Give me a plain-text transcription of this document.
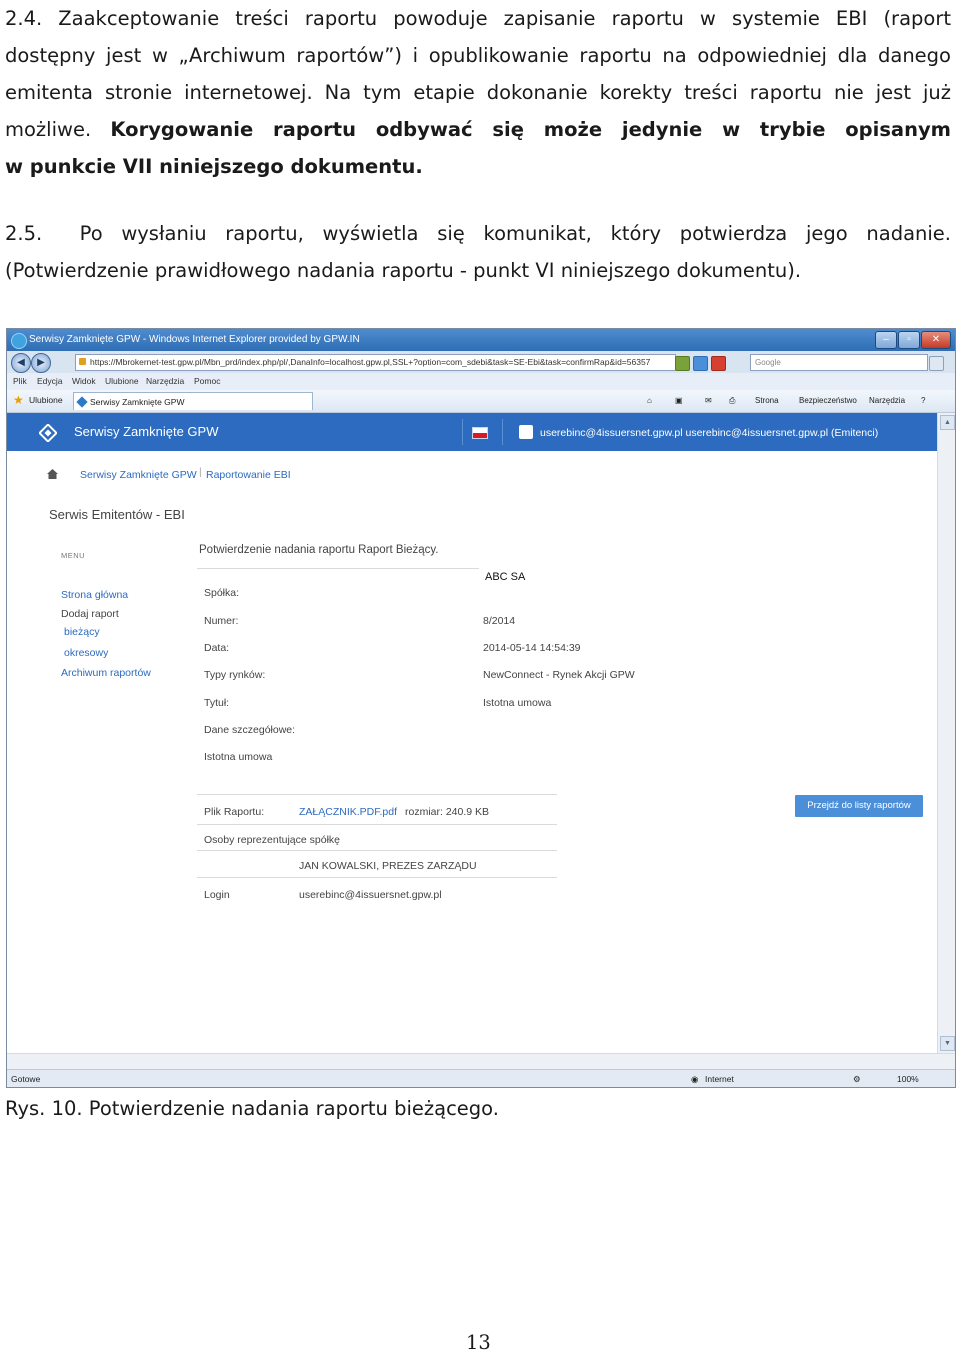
2.4. Zaakceptowanie treści raportu powoduje zapisanie raportu w systemie EBI (raport
dostępny jest w „Archiwum raportów”) i opublikowanie raportu na odpowiedniej dla danego
emitenta stronie internetowej. Na tym etapie dokonanie korekty treści raportu nie jest już
możliwe. Korygowanie raportu odbywać się może jedynie w trybie opisanym
w punkcie VII niniejszego dokumentu.
2.5. Po wysłaniu raportu, wyświetla się komunikat, który potwierdza jego nadanie.
(Potwierdzenie prawidłowego nadania raportu - punkt VI niniejszego dokumentu).
Serwisy Zamknięte GPW - Windows Internet Explorer provided by GPW.IN	–	▫	✕
◀	▶	https://Mbrokernet-test.gpw.pl/Mbn_prd/index.php/pl/,DanaInfo=localhost.gpw.pl,SSL+?option=com_sdebi&task=SE-Ebi&task=confirmRap&id=56357	Google
Plik Edycja Widok Ulubione Narzędzia Pomoc
★ Ulubione	Serwisy Zamknięte GPW	⌂	▣	✉ ⎙ Strona	Bezpieczeństwo Narzędzia ?
Serwisy Zamknięte GPW	userebinc@4issuersnet.gpw.pl userebinc@4issuersnet.gpw.pl (Emitenci)
▲
▼
Serwisy Zamknięte GPW | Raportowanie EBI
Serwis Emitentów - EBI
MENU
Strona główna
Dodaj raport
bieżący
okresowy
Archiwum raportów
Potwierdzenie nadania raportu Raport Bieżący.
Spółka:
ABC SA
Numer:	8/2014
Data:	2014-05-14 14:54:39
Typy rynków:	NewConnect - Rynek Akcji GPW
Tytuł:	Istotna umowa
Dane szczegółowe:
Istotna umowa
Plik Raportu:	ZAŁĄCZNIK.PDF.pdf rozmiar: 240.9 KB
Osoby reprezentujące spółkę
JAN KOWALSKI, PREZES ZARZĄDU
Login	userebinc@4issuersnet.gpw.pl
Przejdź do listy raportów
Gotowe	◉ Internet	⚙	100%
Rys. 10. Potwierdzenie nadania raportu bieżącego.
13
